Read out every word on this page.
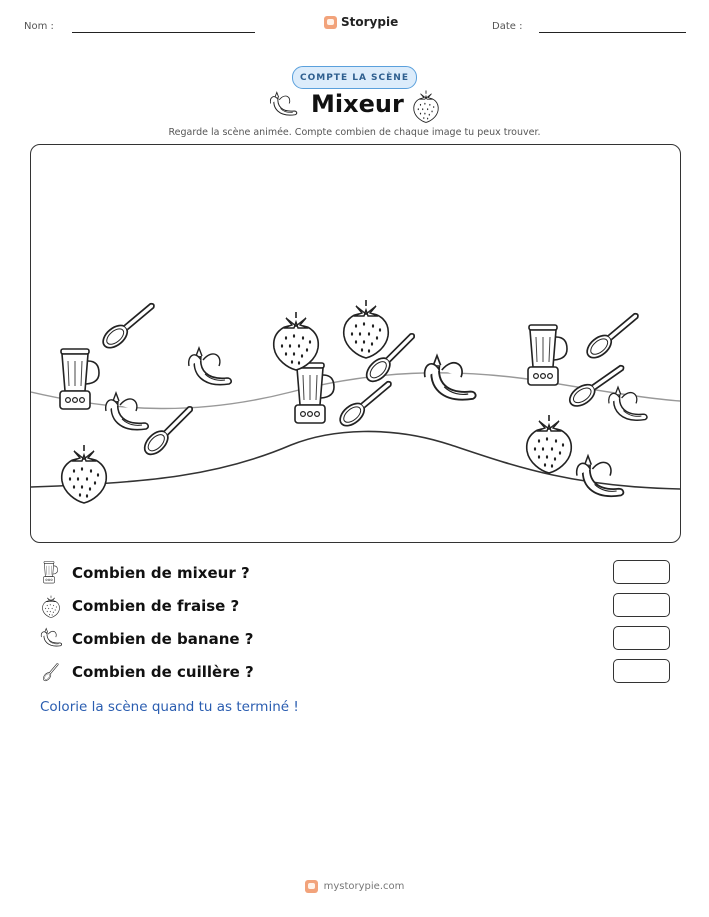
Nom :	Storypie	Date :
COMPTE LA SCÈNE
Mixeur
Regarde la scène animée. Compte combien de chaque image tu peux trouver.
Combien de mixeur ?
Combien de fraise ?
Combien de banane ?
Combien de cuillère ?
Colorie la scène quand tu as terminé !
mystorypie.com
